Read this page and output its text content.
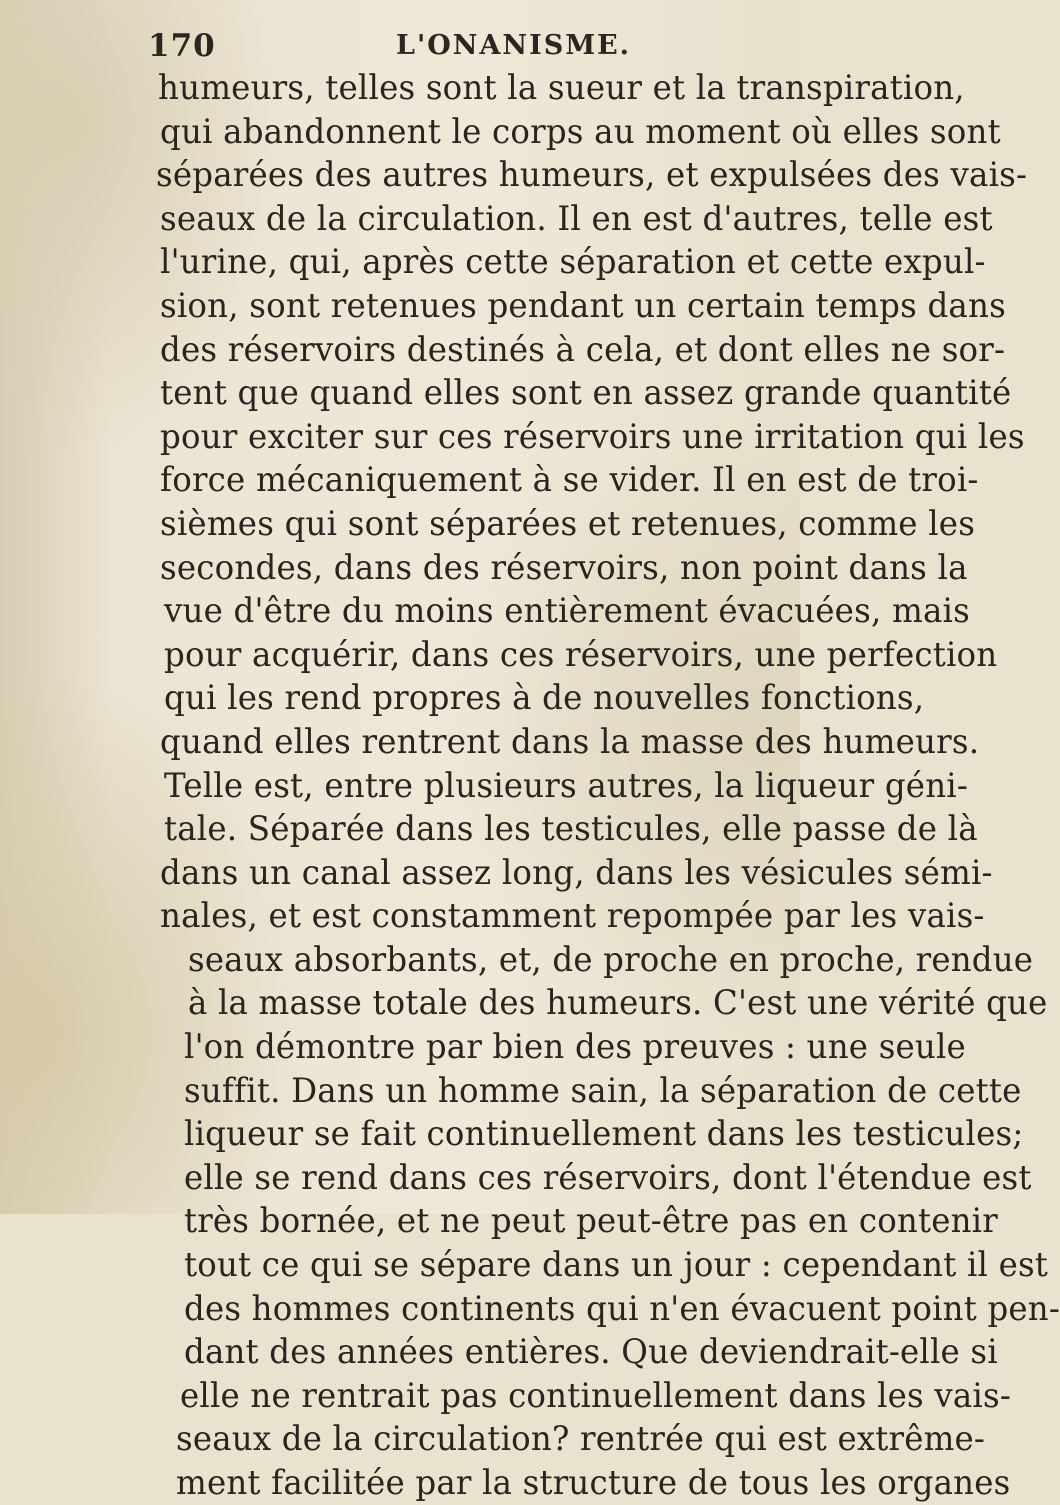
170	L'ONANISME.
humeurs, telles sont la sueur et la transpiration,
qui abandonnent le corps au moment où elles sont
séparées des autres humeurs, et expulsées des vais-
seaux de la circulation. Il en est d'autres, telle est
l'urine, qui, après cette séparation et cette expul-
sion, sont retenues pendant un certain temps dans
des réservoirs destinés à cela, et dont elles ne sor-
tent que quand elles sont en assez grande quantité
pour exciter sur ces réservoirs une irritation qui les
force mécaniquement à se vider. Il en est de troi-
sièmes qui sont séparées et retenues, comme les
secondes, dans des réservoirs, non point dans la
vue d'être du moins entièrement évacuées, mais
pour acquérir, dans ces réservoirs, une perfection
qui les rend propres à de nouvelles fonctions,
quand elles rentrent dans la masse des humeurs.
Telle est, entre plusieurs autres, la liqueur géni-
tale. Séparée dans les testicules, elle passe de là
dans un canal assez long, dans les vésicules sémi-
nales, et est constamment repompée par les vais-
seaux absorbants, et, de proche en proche, rendue
à la masse totale des humeurs. C'est une vérité que
l'on démontre par bien des preuves : une seule
suffit. Dans un homme sain, la séparation de cette
liqueur se fait continuellement dans les testicules;
elle se rend dans ces réservoirs, dont l'étendue est
très bornée, et ne peut peut-être pas en contenir
tout ce qui se sépare dans un jour : cependant il est
des hommes continents qui n'en évacuent point pen-
dant des années entières. Que deviendrait-elle si
elle ne rentrait pas continuellement dans les vais-
seaux de la circulation? rentrée qui est extrême-
ment facilitée par la structure de tous les organes
